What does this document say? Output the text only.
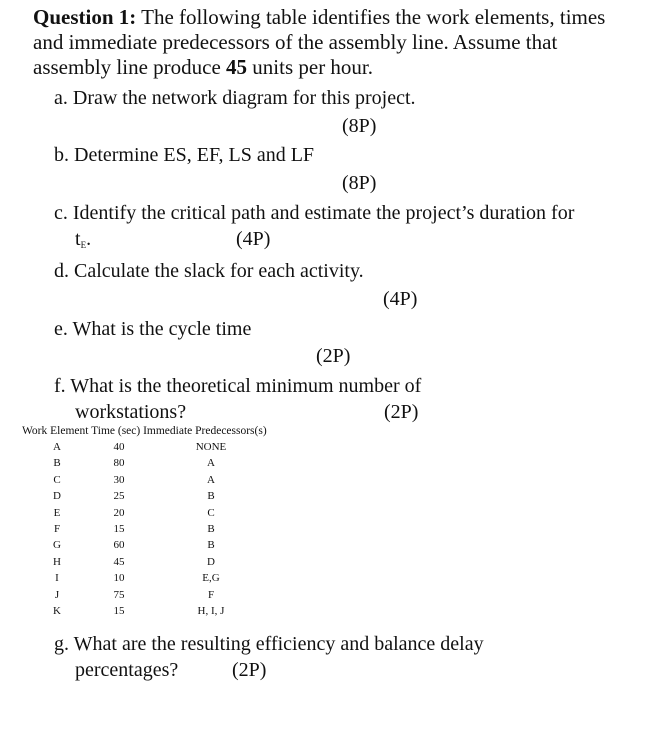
Question 1: The following table identifies the work elements, times
and immediate predecessors of the assembly line. Assume that
assembly line produce 45 units per hour.
a. Draw the network diagram for this project.
(8P)
b. Determine ES, EF, LS and LF
(8P)
c. Identify the critical path and estimate the project’s duration for
$t_E$.	(4P)
d. Calculate the slack for each activity.
(4P)
e. What is the cycle time
(2P)
f. What is the theoretical minimum number of
workstations?	(2P)
Work Element Time (sec) Immediate Predecessors(s)
A	40	NONE
B	80	A
C	30	A
D	25	B
E	20	C
F	15	B
G	60	B
H	45	D
I	10	E,G
J	75	F
K	15	H, I, J
g. What are the resulting efficiency and balance delay
percentages?	(2P)
